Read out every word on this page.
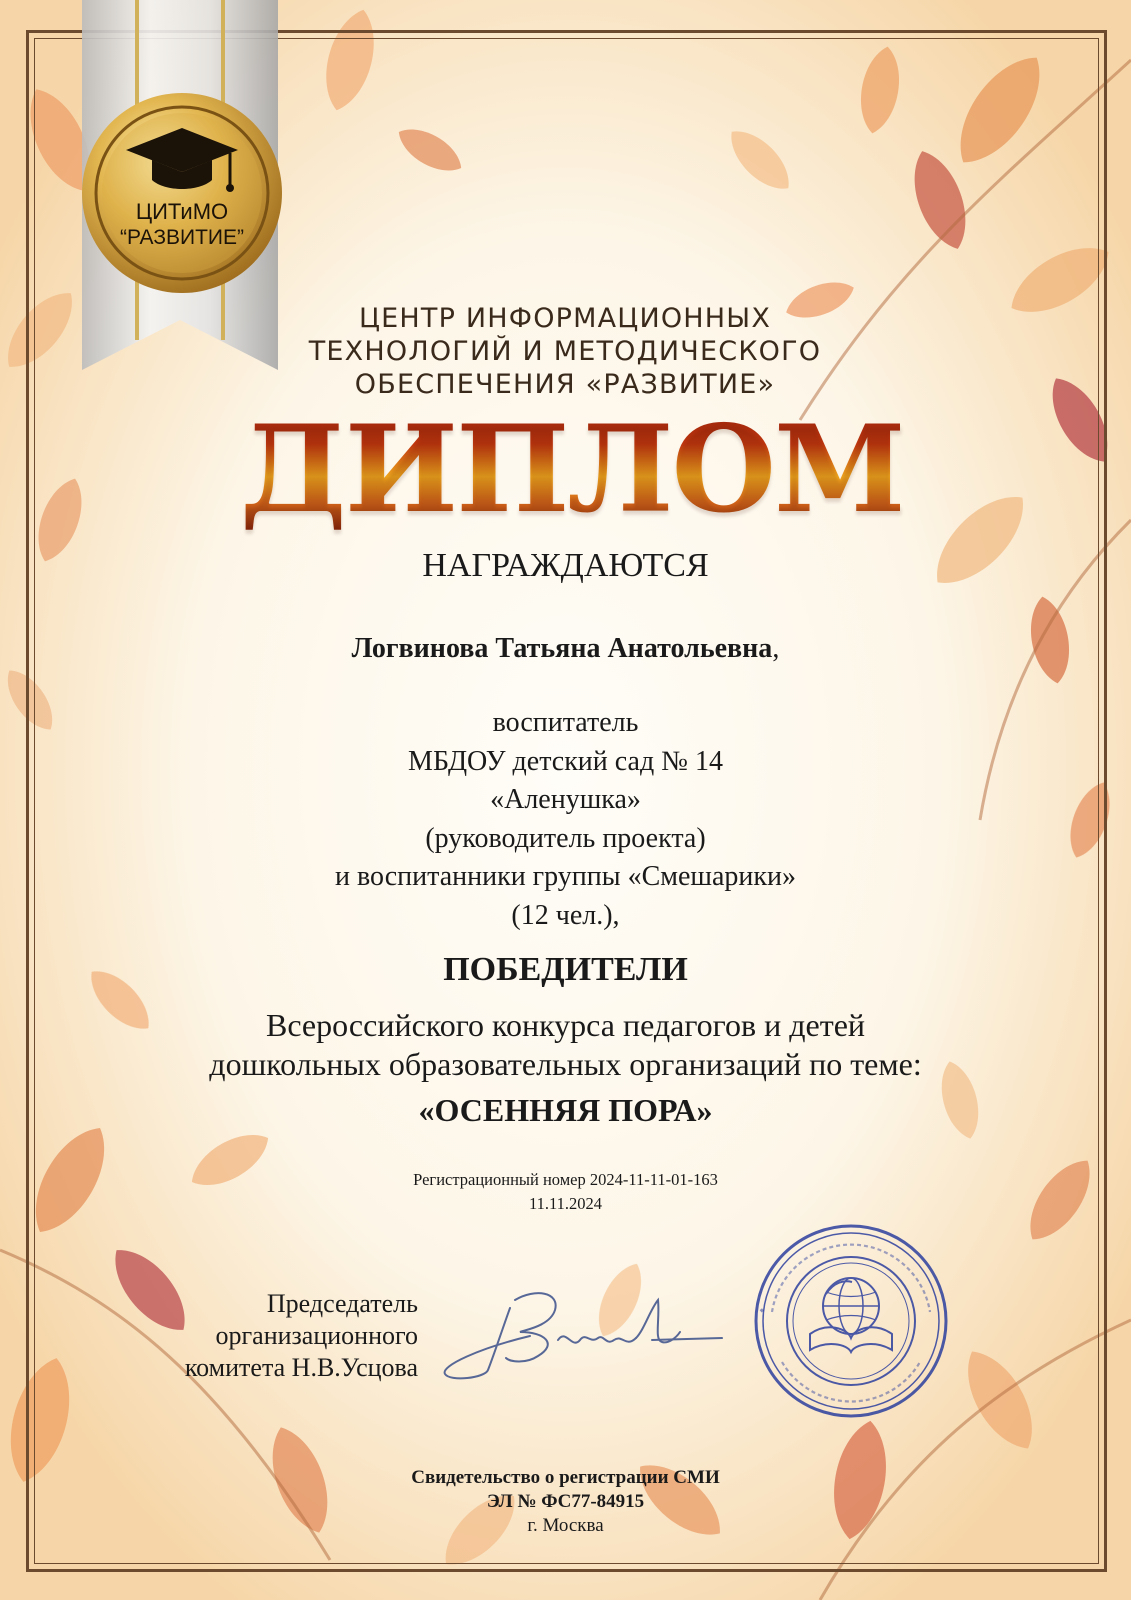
ЦИТиМО
“РАЗВИТИЕ”
ЦЕНТР ИНФОРМАЦИОННЫХ
ТЕХНОЛОГИЙ И МЕТОДИЧЕСКОГО
ОБЕСПЕЧЕНИЯ «РАЗВИТИЕ»
ДИПЛОМ
НАГРАЖДАЮТСЯ
Логвинова Татьяна Анатольевна,
воспитатель
МБДОУ детский сад № 14
«Аленушка»
(руководитель проекта)
и воспитанники группы «Смешарики»
(12 чел.),
ПОБЕДИТЕЛИ
Всероссийского конкурса педагогов и детей
дошкольных образовательных организаций по теме:
«ОСЕННЯЯ ПОРА»
Регистрационный номер 2024-11-11-01-163
11.11.2024
Председатель
организационного
комитета Н.В.Усцова
Свидетельство о регистрации СМИ
ЭЛ № ФС77-84915
г. Москва
